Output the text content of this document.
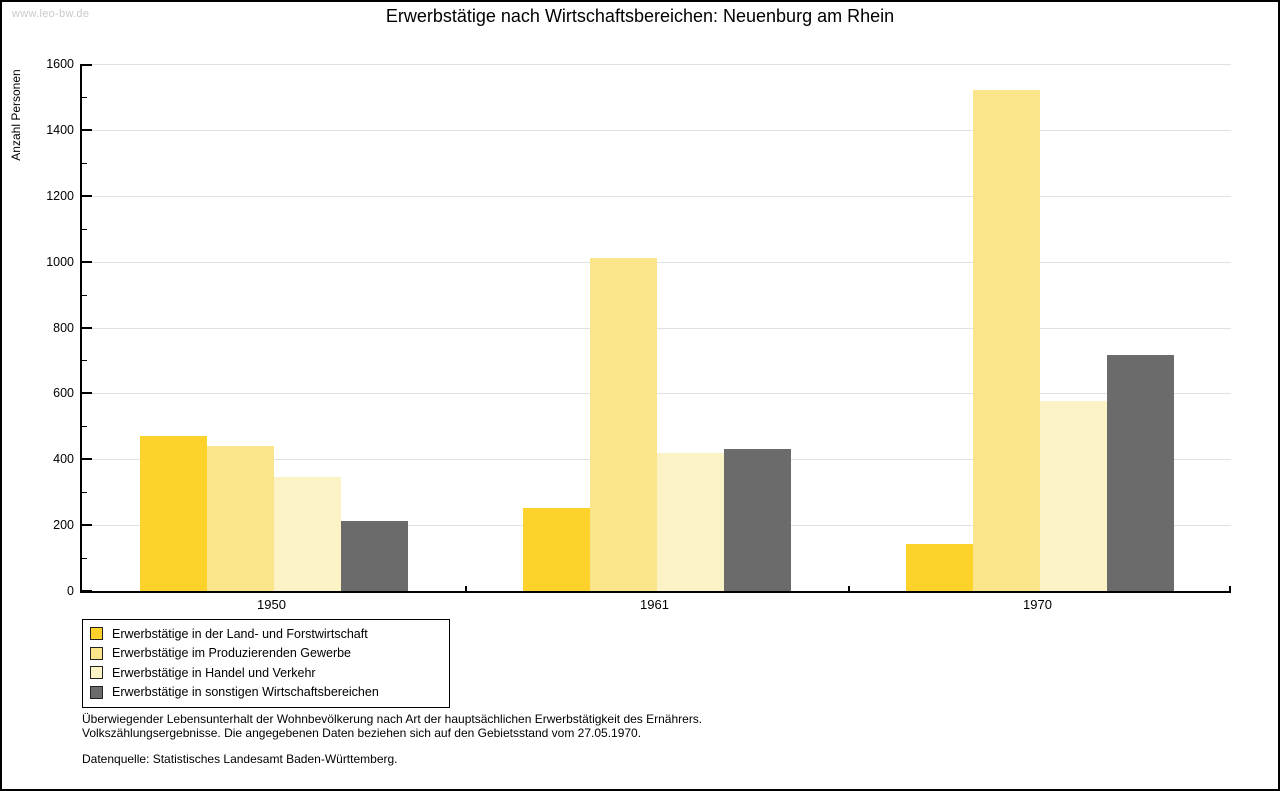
www.leo-bw.de	Erwerbstätige nach Wirtschaftsbereichen: Neuenburg am Rhein
Anzahl Personen
0
200
400
600
800
1000
1200
1400
1600
1950	1961	1970
Erwerbstätige in der Land- und Forstwirtschaft
Erwerbstätige im Produzierenden Gewerbe
Erwerbstätige in Handel und Verkehr
Erwerbstätige in sonstigen Wirtschaftsbereichen
Überwiegender Lebensunterhalt der Wohnbevölkerung nach Art der hauptsächlichen Erwerbstätigkeit des Ernährers.
Volkszählungsergebnisse. Die angegebenen Daten beziehen sich auf den Gebietsstand vom 27.05.1970.
Datenquelle: Statistisches Landesamt Baden-Württemberg.
